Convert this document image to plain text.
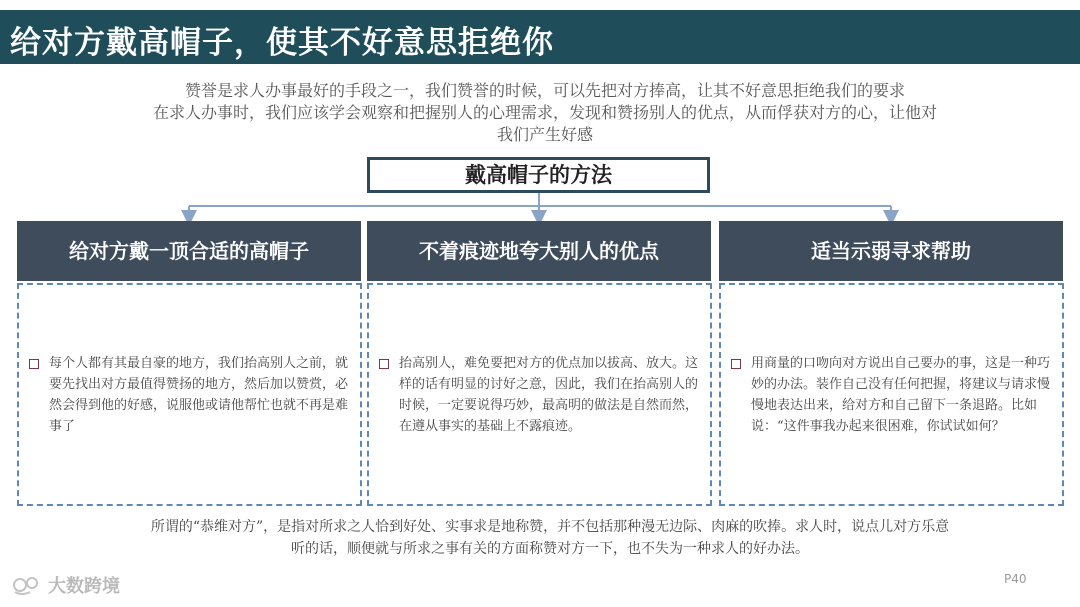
给对方戴高帽子，使其不好意思拒绝你
赞誉是求人办事最好的手段之一，我们赞誉的时候，可以先把对方捧高，让其不好意思拒绝我们的要求
在求人办事时，我们应该学会观察和把握别人的心理需求，发现和赞扬别人的优点，从而俘获对方的心，让他对
我们产生好感
戴高帽子的方法
给对方戴一顶合适的高帽子	不着痕迹地夸大别人的优点	适当示弱寻求帮助
每个人都有其最自豪的地方，我们抬高别人之前，就要先找出对方最值得赞扬的地方，然后加以赞赏，必然会得到他的好感，说服他或请他帮忙也就不再是难事了
抬高别人，难免要把对方的优点加以拔高、放大。这样的话有明显的讨好之意，因此，我们在抬高别人的时候，一定要说得巧妙，最高明的做法是自然而然，在遵从事实的基础上不露痕迹。
用商量的口吻向对方说出自己要办的事，这是一种巧妙的办法。装作自己没有任何把握，将建议与请求慢慢地表达出来，给对方和自己留下一条退路。比如说：“这件事我办起来很困难，你试试如何？
所谓的“恭维对方”，是指对所求之人恰到好处、实事求是地称赞，并不包括那种漫无边际、肉麻的吹捧。求人时，说点儿对方乐意
听的话，顺便就与所求之事有关的方面称赞对方一下，也不失为一种求人的好办法。
大数跨境	P40
